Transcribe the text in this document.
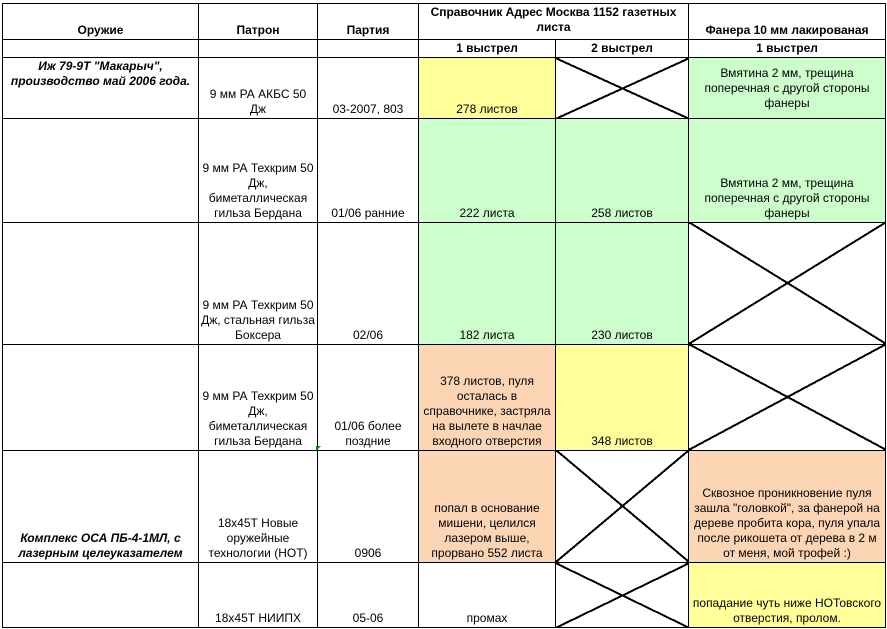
Оружие	Патрон	Партия	Справочник Адрес Москва 1152 газетных листа		Фанера 10 мм лакированая
			1 выстрел	2 выстрел	1 выстрел
Иж 79-9Т "Макарыч", производство май 2006 года.	9 мм РА АКБС 50 Дж	03-2007, 803	278 листов		Вмятина 2 мм, трещина поперечная с другой стороны фанеры
	9 мм РА Техкрим 50 Дж, биметаллическая гильза Бердана	01/06 ранние	222 листа	258 листов	Вмятина 2 мм, трещина поперечная с другой стороны фанеры
	9 мм РА Техкрим 50 Дж, стальная гильза Боксера	02/06	182 листа	230 листов	
	9 мм РА Техкрим 50 Дж, биметаллическая гильза Бердана	01/06 более поздние	378 листов, пуля осталась в справочнике, застряла на вылете в начлае входного отверстия	348 листов	
Комплекс ОСА ПБ-4-1МЛ, с лазерным целеуказателем	18х45Т Новые оружейные технологии (НОТ)	0906	попал в основание мишени, целился лазером выше, прорвано 552 листа		Сквозное проникновение пуля зашла "головкой", за фанерой на дереве пробита кора, пуля упала после рикошета от дерева в 2 м от меня, мой трофей :)
	18х45Т НИИПХ	05-06	промах		попадание чуть ниже НОТовского отверстия, пролом.
